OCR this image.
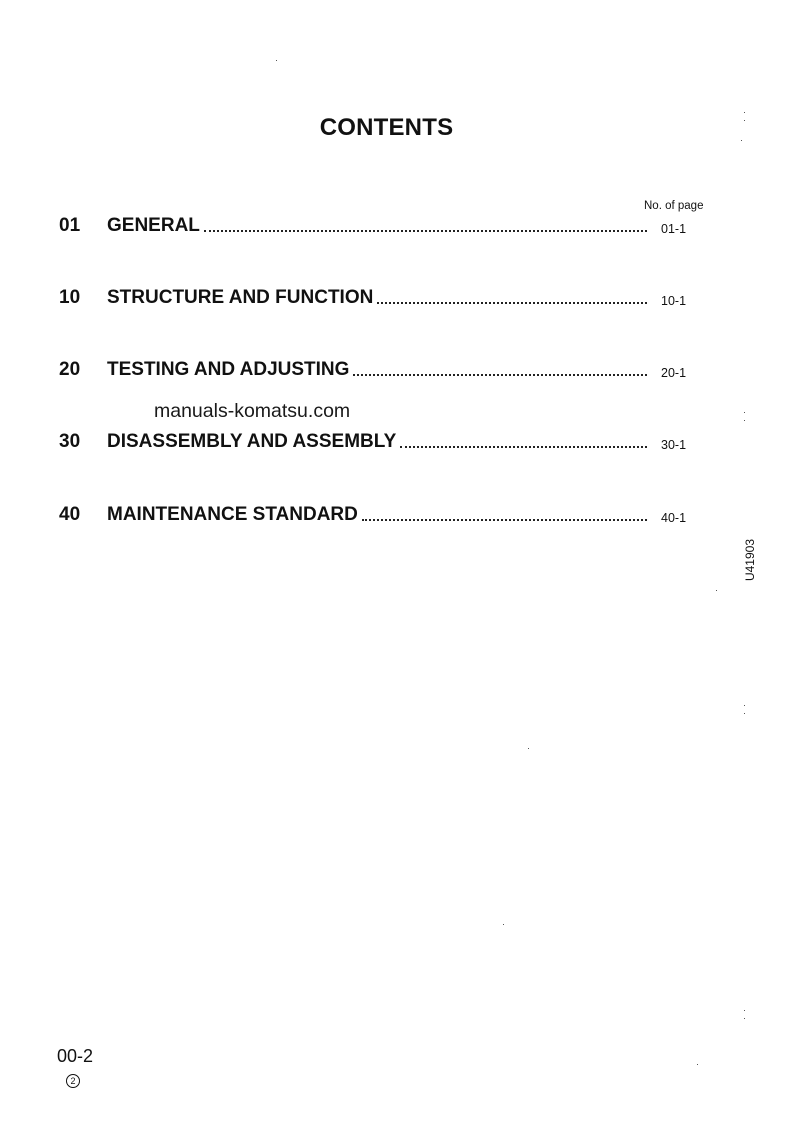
CONTENTS
No. of page
01	GENERAL	01-1
10	STRUCTURE AND FUNCTION	10-1
20	TESTING AND ADJUSTING	20-1
30	DISASSEMBLY AND ASSEMBLY	30-1
40	MAINTENANCE STANDARD	40-1
manuals-komatsu.com
U41903
00-2
2
